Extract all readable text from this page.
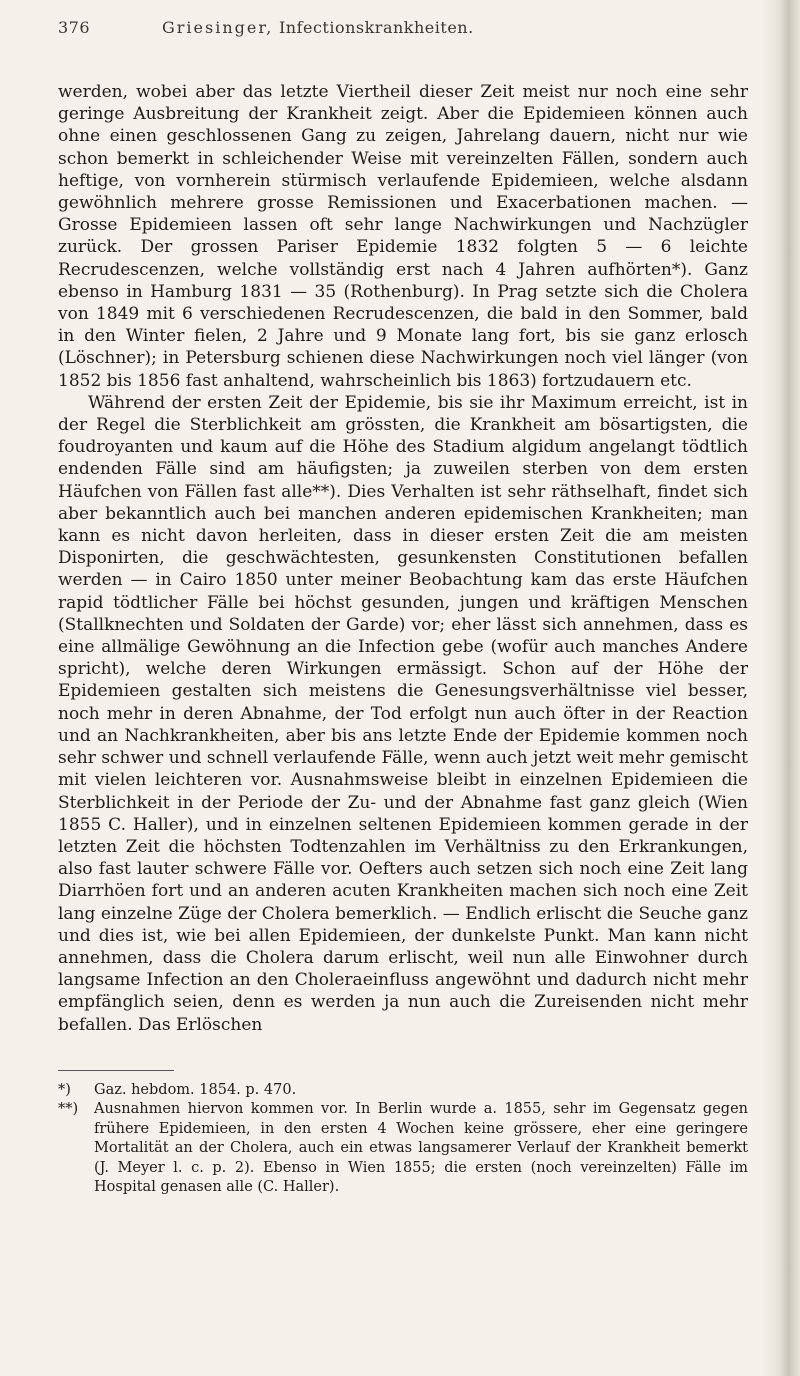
376	Griesinger, Infectionskrankheiten.

werden, wobei aber das letzte Viertheil dieser Zeit meist nur noch eine sehr geringe Ausbreitung der Krankheit zeigt. Aber die Epidemieen können auch ohne einen geschlossenen Gang zu zeigen, Jahrelang dauern, nicht nur wie schon bemerkt in schleichender Weise mit vereinzelten Fällen, sondern auch heftige, von vornherein stürmisch verlaufende Epidemieen, welche alsdann gewöhnlich mehrere grosse Remissionen und Exacerbationen machen. — Grosse Epidemieen lassen oft sehr lange Nachwirkungen und Nachzügler zurück. Der grossen Pariser Epidemie 1832 folgten 5 — 6 leichte Recrudescenzen, welche vollständig erst nach 4 Jahren aufhörten*). Ganz ebenso in Hamburg 1831 — 35 (Rothenburg). In Prag setzte sich die Cholera von 1849 mit 6 verschiedenen Recrudescenzen, die bald in den Sommer, bald in den Winter fielen, 2 Jahre und 9 Monate lang fort, bis sie ganz erlosch (Löschner); in Petersburg schienen diese Nachwirkungen noch viel länger (von 1852 bis 1856 fast anhaltend, wahrscheinlich bis 1863) fortzudauern etc.

Während der ersten Zeit der Epidemie, bis sie ihr Maximum erreicht, ist in der Regel die Sterblichkeit am grössten, die Krankheit am bösartigsten, die foudroyanten und kaum auf die Höhe des Stadium algidum angelangt tödtlich endenden Fälle sind am häufigsten; ja zuweilen sterben von dem ersten Häufchen von Fällen fast alle**). Dies Verhalten ist sehr räthselhaft, findet sich aber bekanntlich auch bei manchen anderen epidemischen Krankheiten; man kann es nicht davon herleiten, dass in dieser ersten Zeit die am meisten Disponirten, die geschwächtesten, gesunkensten Constitutionen befallen werden — in Cairo 1850 unter meiner Beobachtung kam das erste Häufchen rapid tödtlicher Fälle bei höchst gesunden, jungen und kräftigen Menschen (Stallknechten und Soldaten der Garde) vor; eher lässt sich annehmen, dass es eine allmälige Gewöhnung an die Infection gebe (wofür auch manches Andere spricht), welche deren Wirkungen ermässigt. Schon auf der Höhe der Epidemieen gestalten sich meistens die Genesungsverhältnisse viel besser, noch mehr in deren Abnahme, der Tod erfolgt nun auch öfter in der Reaction und an Nachkrankheiten, aber bis ans letzte Ende der Epidemie kommen noch sehr schwer und schnell verlaufende Fälle, wenn auch jetzt weit mehr gemischt mit vielen leichteren vor. Ausnahmsweise bleibt in einzelnen Epidemieen die Sterblichkeit in der Periode der Zu- und der Abnahme fast ganz gleich (Wien 1855 C. Haller), und in einzelnen seltenen Epidemieen kommen gerade in der letzten Zeit die höchsten Todtenzahlen im Verhältniss zu den Erkrankungen, also fast lauter schwere Fälle vor. Oefters auch setzen sich noch eine Zeit lang Diarrhöen fort und an anderen acuten Krankheiten machen sich noch eine Zeit lang einzelne Züge der Cholera bemerklich. — Endlich erlischt die Seuche ganz und dies ist, wie bei allen Epidemieen, der dunkelste Punkt. Man kann nicht annehmen, dass die Cholera darum erlischt, weil nun alle Einwohner durch langsame Infection an den Choleraeinfluss angewöhnt und dadurch nicht mehr empfänglich seien, denn es werden ja nun auch die Zureisenden nicht mehr befallen. Das Erlöschen

*)	Gaz. hebdom. 1854. p. 470.
**)	Ausnahmen hiervon kommen vor. In Berlin wurde a. 1855, sehr im Gegensatz gegen frühere Epidemieen, in den ersten 4 Wochen keine grössere, eher eine geringere Mortalität an der Cholera, auch ein etwas langsamerer Verlauf der Krankheit bemerkt (J. Meyer l. c. p. 2). Ebenso in Wien 1855; die ersten (noch vereinzelten) Fälle im Hospital genasen alle (C. Haller).
